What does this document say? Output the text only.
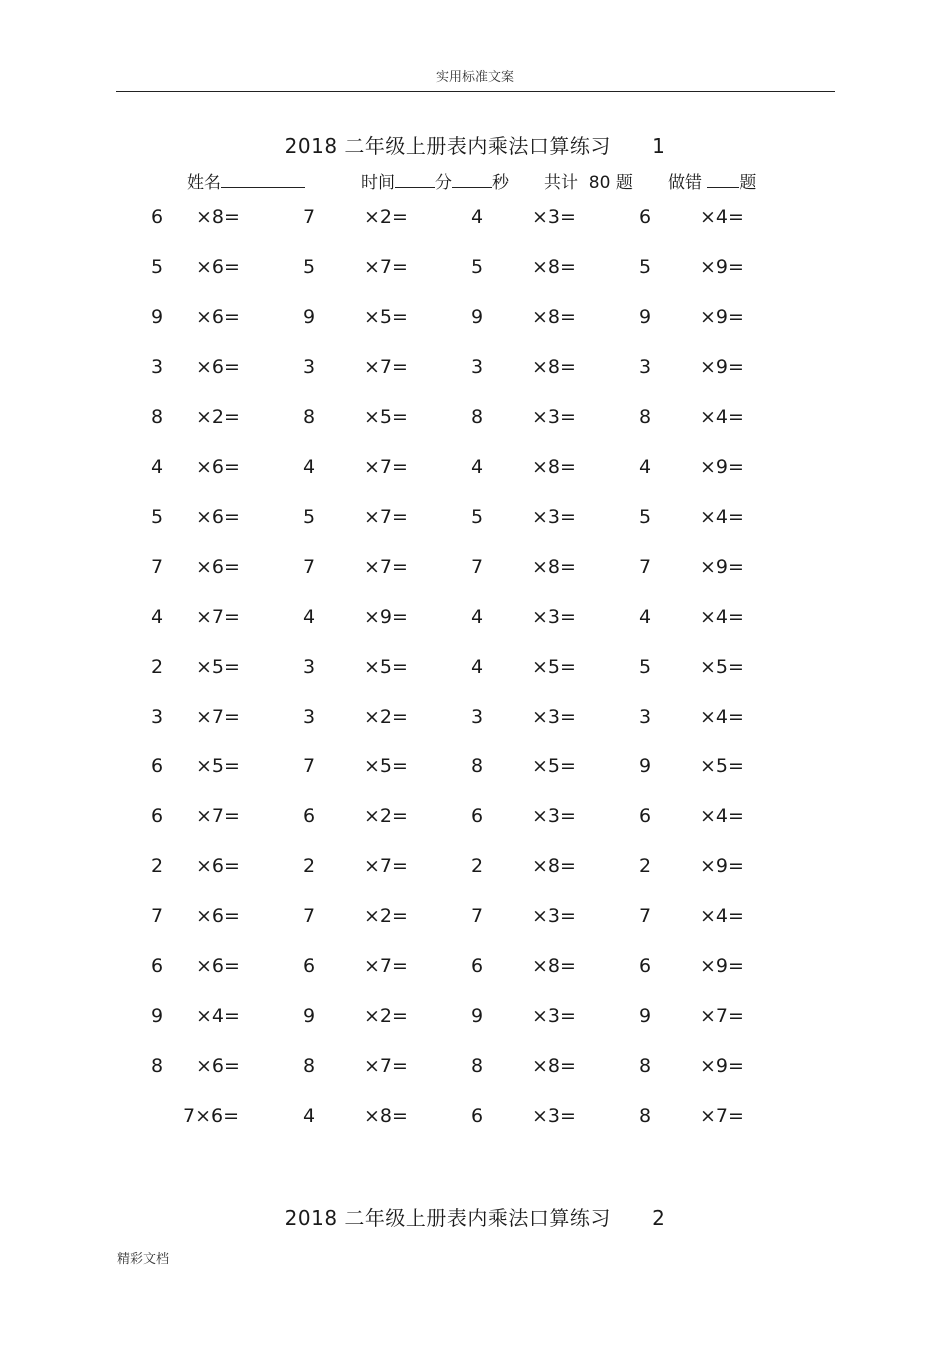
实用标准文案
2018 二年级上册表内乘法口算练习 1
姓名	时间 分 秒 共计  80 题 做错 题
6 ×8=	7	×2=	4	×3=	6	×4=
5 ×6=	5	×7=	5	×8=	5	×9=
9 ×6=	9	×5=	9	×8=	9	×9=
3 ×6=	3	×7=	3	×8=	3	×9=
8 ×2=	8	×5=	8	×3=	8	×4=
4 ×6=	4	×7=	4	×8=	4	×9=
5 ×6=	5	×7=	5	×3=	5	×4=
7 ×6=	7	×7=	7	×8=	7	×9=
4 ×7=	4	×9=	4	×3=	4	×4=
2 ×5=	3	×5=	4	×5=	5	×5=
3 ×7=	3	×2=	3	×3=	3	×4=
6 ×5=	7	×5=	8	×5=	9	×5=
6 ×7=	6	×2=	6	×3=	6	×4=
2 ×6=	2	×7=	2	×8=	2	×9=
7 ×6=	7	×2=	7	×3=	7	×4=
6 ×6=	6	×7=	6	×8=	6	×9=
9 ×4=	9	×2=	9	×3=	9	×7=
8 ×6=	8	×7=	8	×8=	8	×9=
7×6=	4	×8=	6	×3=	8	×7=
2018 二年级上册表内乘法口算练习 2
精彩文档
